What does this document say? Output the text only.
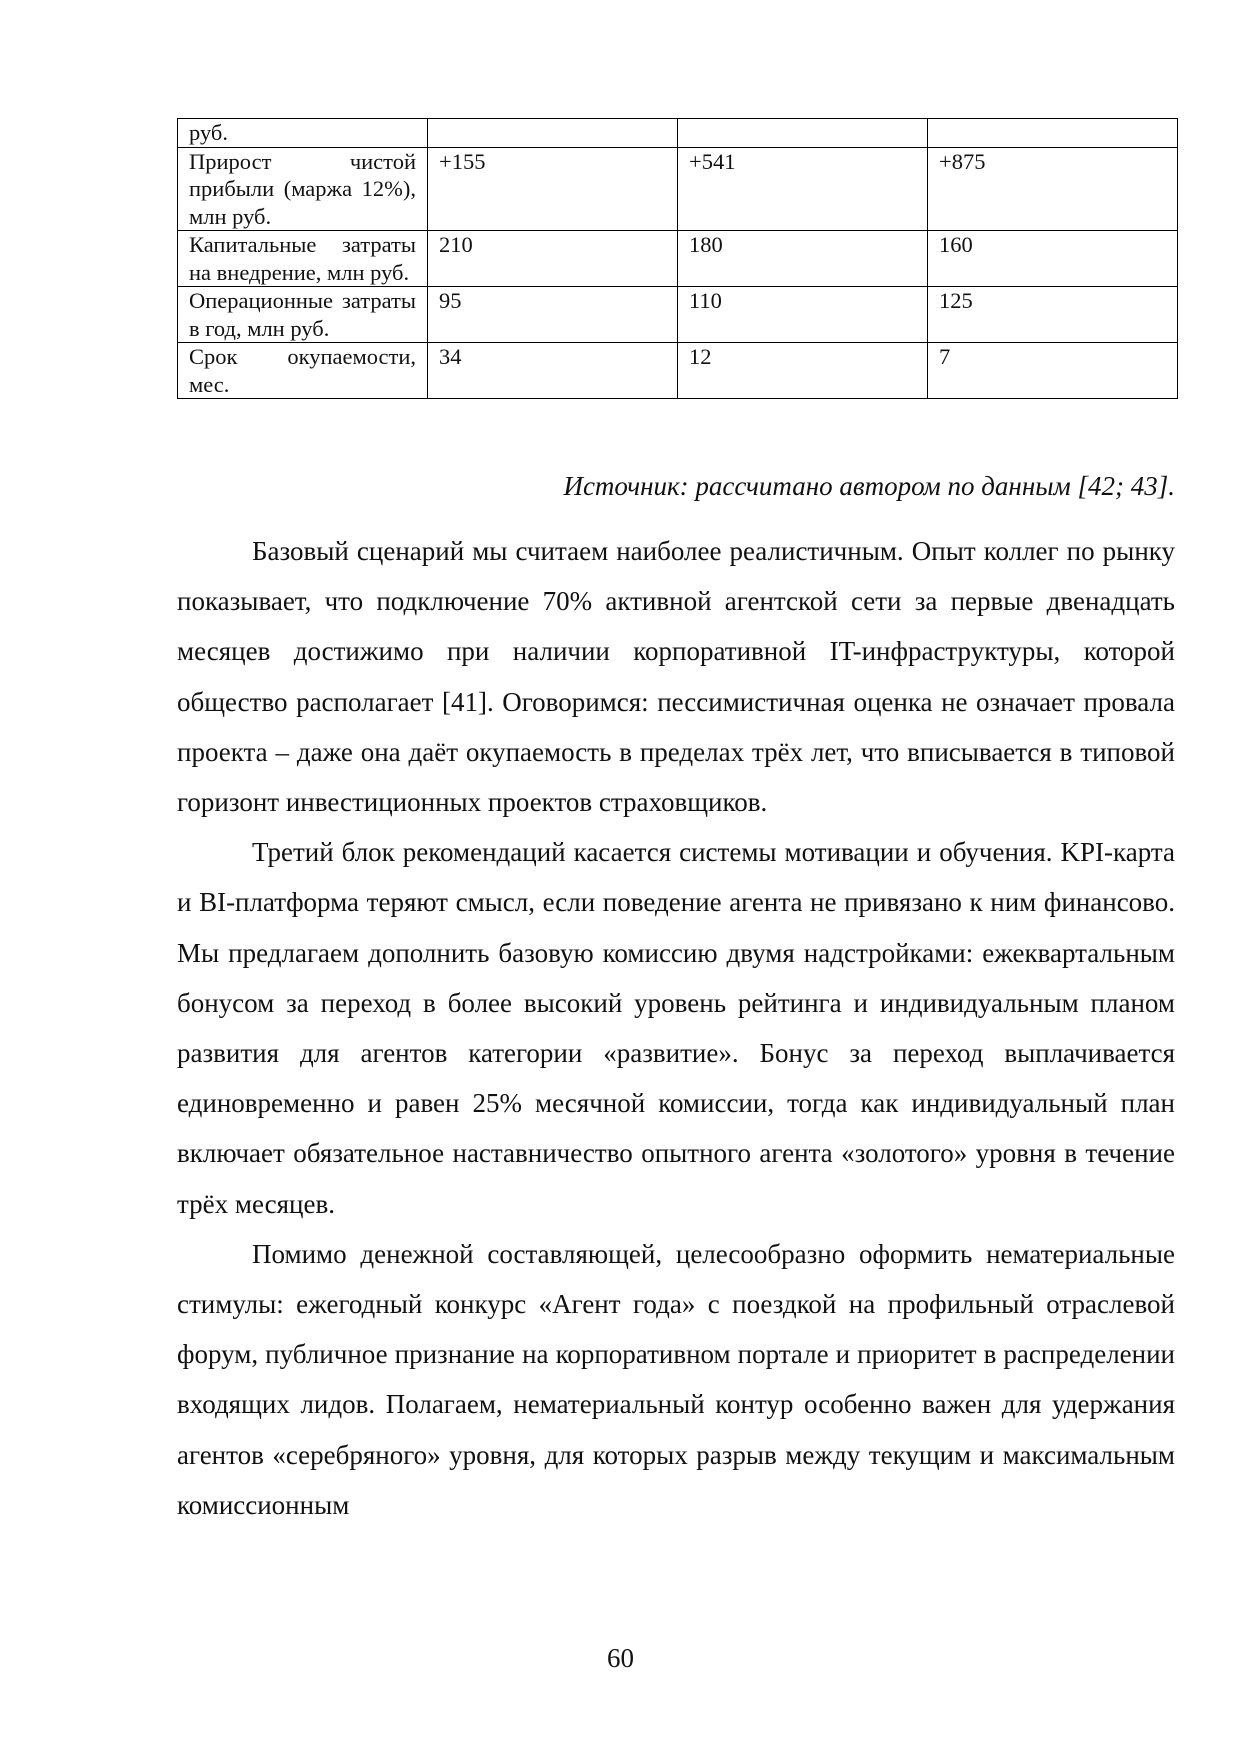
руб.			
Прирост чистой прибыли (маржа 12%), млн руб.	+155	+541	+875
Капитальные затраты на внедрение, млн руб.	210	180	160
Операционные затраты в год, млн руб.	95	110	125
Срок окупаемости, мес.	34	12	7
Источник: рассчитано автором по данным [42; 43].

Базовый сценарий мы считаем наиболее реалистичным. Опыт коллег по рынку показывает, что подключение 70% активной агентской сети за первые двенадцать месяцев достижимо при наличии корпоративной IT-инфраструктуры, которой общество располагает [41]. Оговоримся: пессимистичная оценка не означает провала проекта – даже она даёт окупаемость в пределах трёх лет, что вписывается в типовой горизонт инвестиционных проектов страховщиков.

Третий блок рекомендаций касается системы мотивации и обучения. KPI-карта и BI-платформа теряют смысл, если поведение агента не привязано к ним финансово. Мы предлагаем дополнить базовую комиссию двумя надстройками: ежеквартальным бонусом за переход в более высокий уровень рейтинга и индивидуальным планом развития для агентов категории «развитие». Бонус за переход выплачивается единовременно и равен 25% месячной комиссии, тогда как индивидуальный план включает обязательное наставничество опытного агента «золотого» уровня в течение трёх месяцев.

Помимо денежной составляющей, целесообразно оформить нематериальные стимулы: ежегодный конкурс «Агент года» с поездкой на профильный отраслевой форум, публичное признание на корпоративном портале и приоритет в распределении входящих лидов. Полагаем, нематериальный контур особенно важен для удержания агентов «серебряного» уровня, для которых разрыв между текущим и максимальным комиссионным

60
